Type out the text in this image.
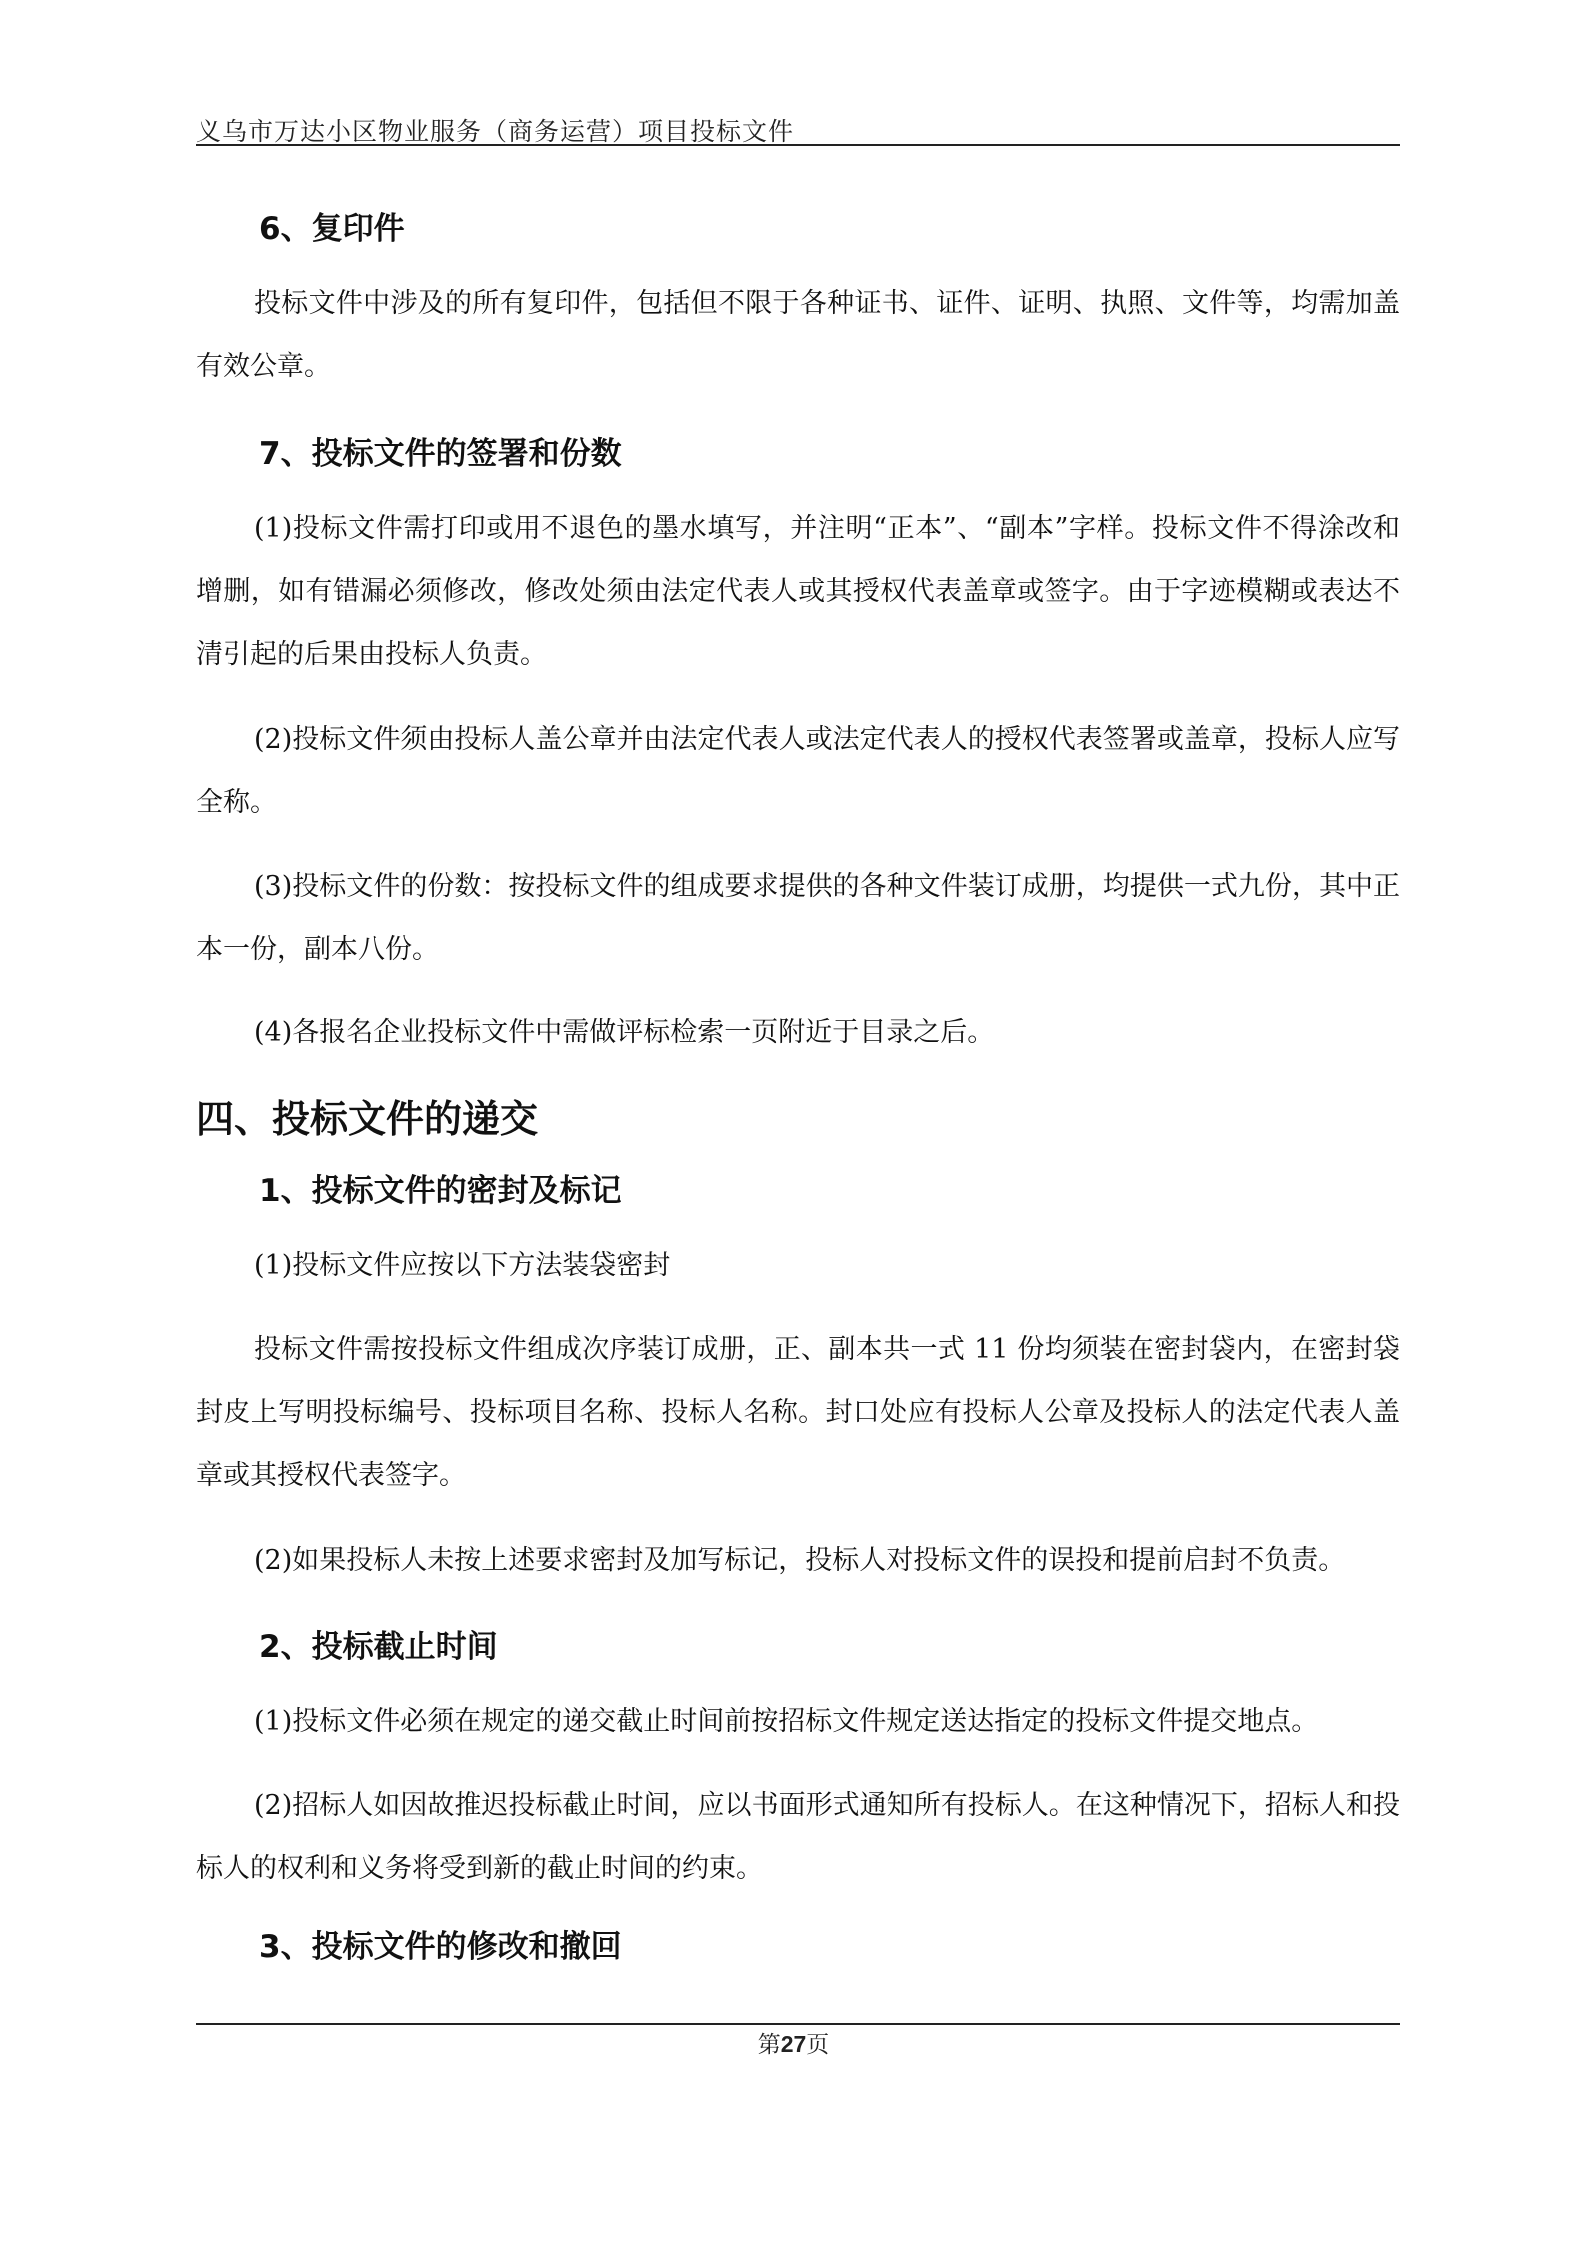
义乌市万达小区物业服务（商务运营）项目投标文件
6、复印件
投标文件中涉及的所有复印件，包括但不限于各种证书、证件、证明、执照、文件等，均需加盖有效公章。
7、投标文件的签署和份数
(1)投标文件需打印或用不退色的墨水填写，并注明“正本”、“副本”字样。投标文件不得涂改和增删，如有错漏必须修改，修改处须由法定代表人或其授权代表盖章或签字。由于字迹模糊或表达不清引起的后果由投标人负责。
(2)投标文件须由投标人盖公章并由法定代表人或法定代表人的授权代表签署或盖章，投标人应写全称。
(3)投标文件的份数：按投标文件的组成要求提供的各种文件装订成册，均提供一式九份，其中正本一份，副本八份。
(4)各报名企业投标文件中需做评标检索一页附近于目录之后。
四、投标文件的递交
1、投标文件的密封及标记
(1)投标文件应按以下方法装袋密封
投标文件需按投标文件组成次序装订成册，正、副本共一式 11 份均须装在密封袋内，在密封袋封皮上写明投标编号、投标项目名称、投标人名称。封口处应有投标人公章及投标人的法定代表人盖章或其授权代表签字。
(2)如果投标人未按上述要求密封及加写标记，投标人对投标文件的误投和提前启封不负责。
2、投标截止时间
(1)投标文件必须在规定的递交截止时间前按招标文件规定送达指定的投标文件提交地点。
(2)招标人如因故推迟投标截止时间，应以书面形式通知所有投标人。在这种情况下，招标人和投标人的权利和义务将受到新的截止时间的约束。
3、投标文件的修改和撤回
第27页
